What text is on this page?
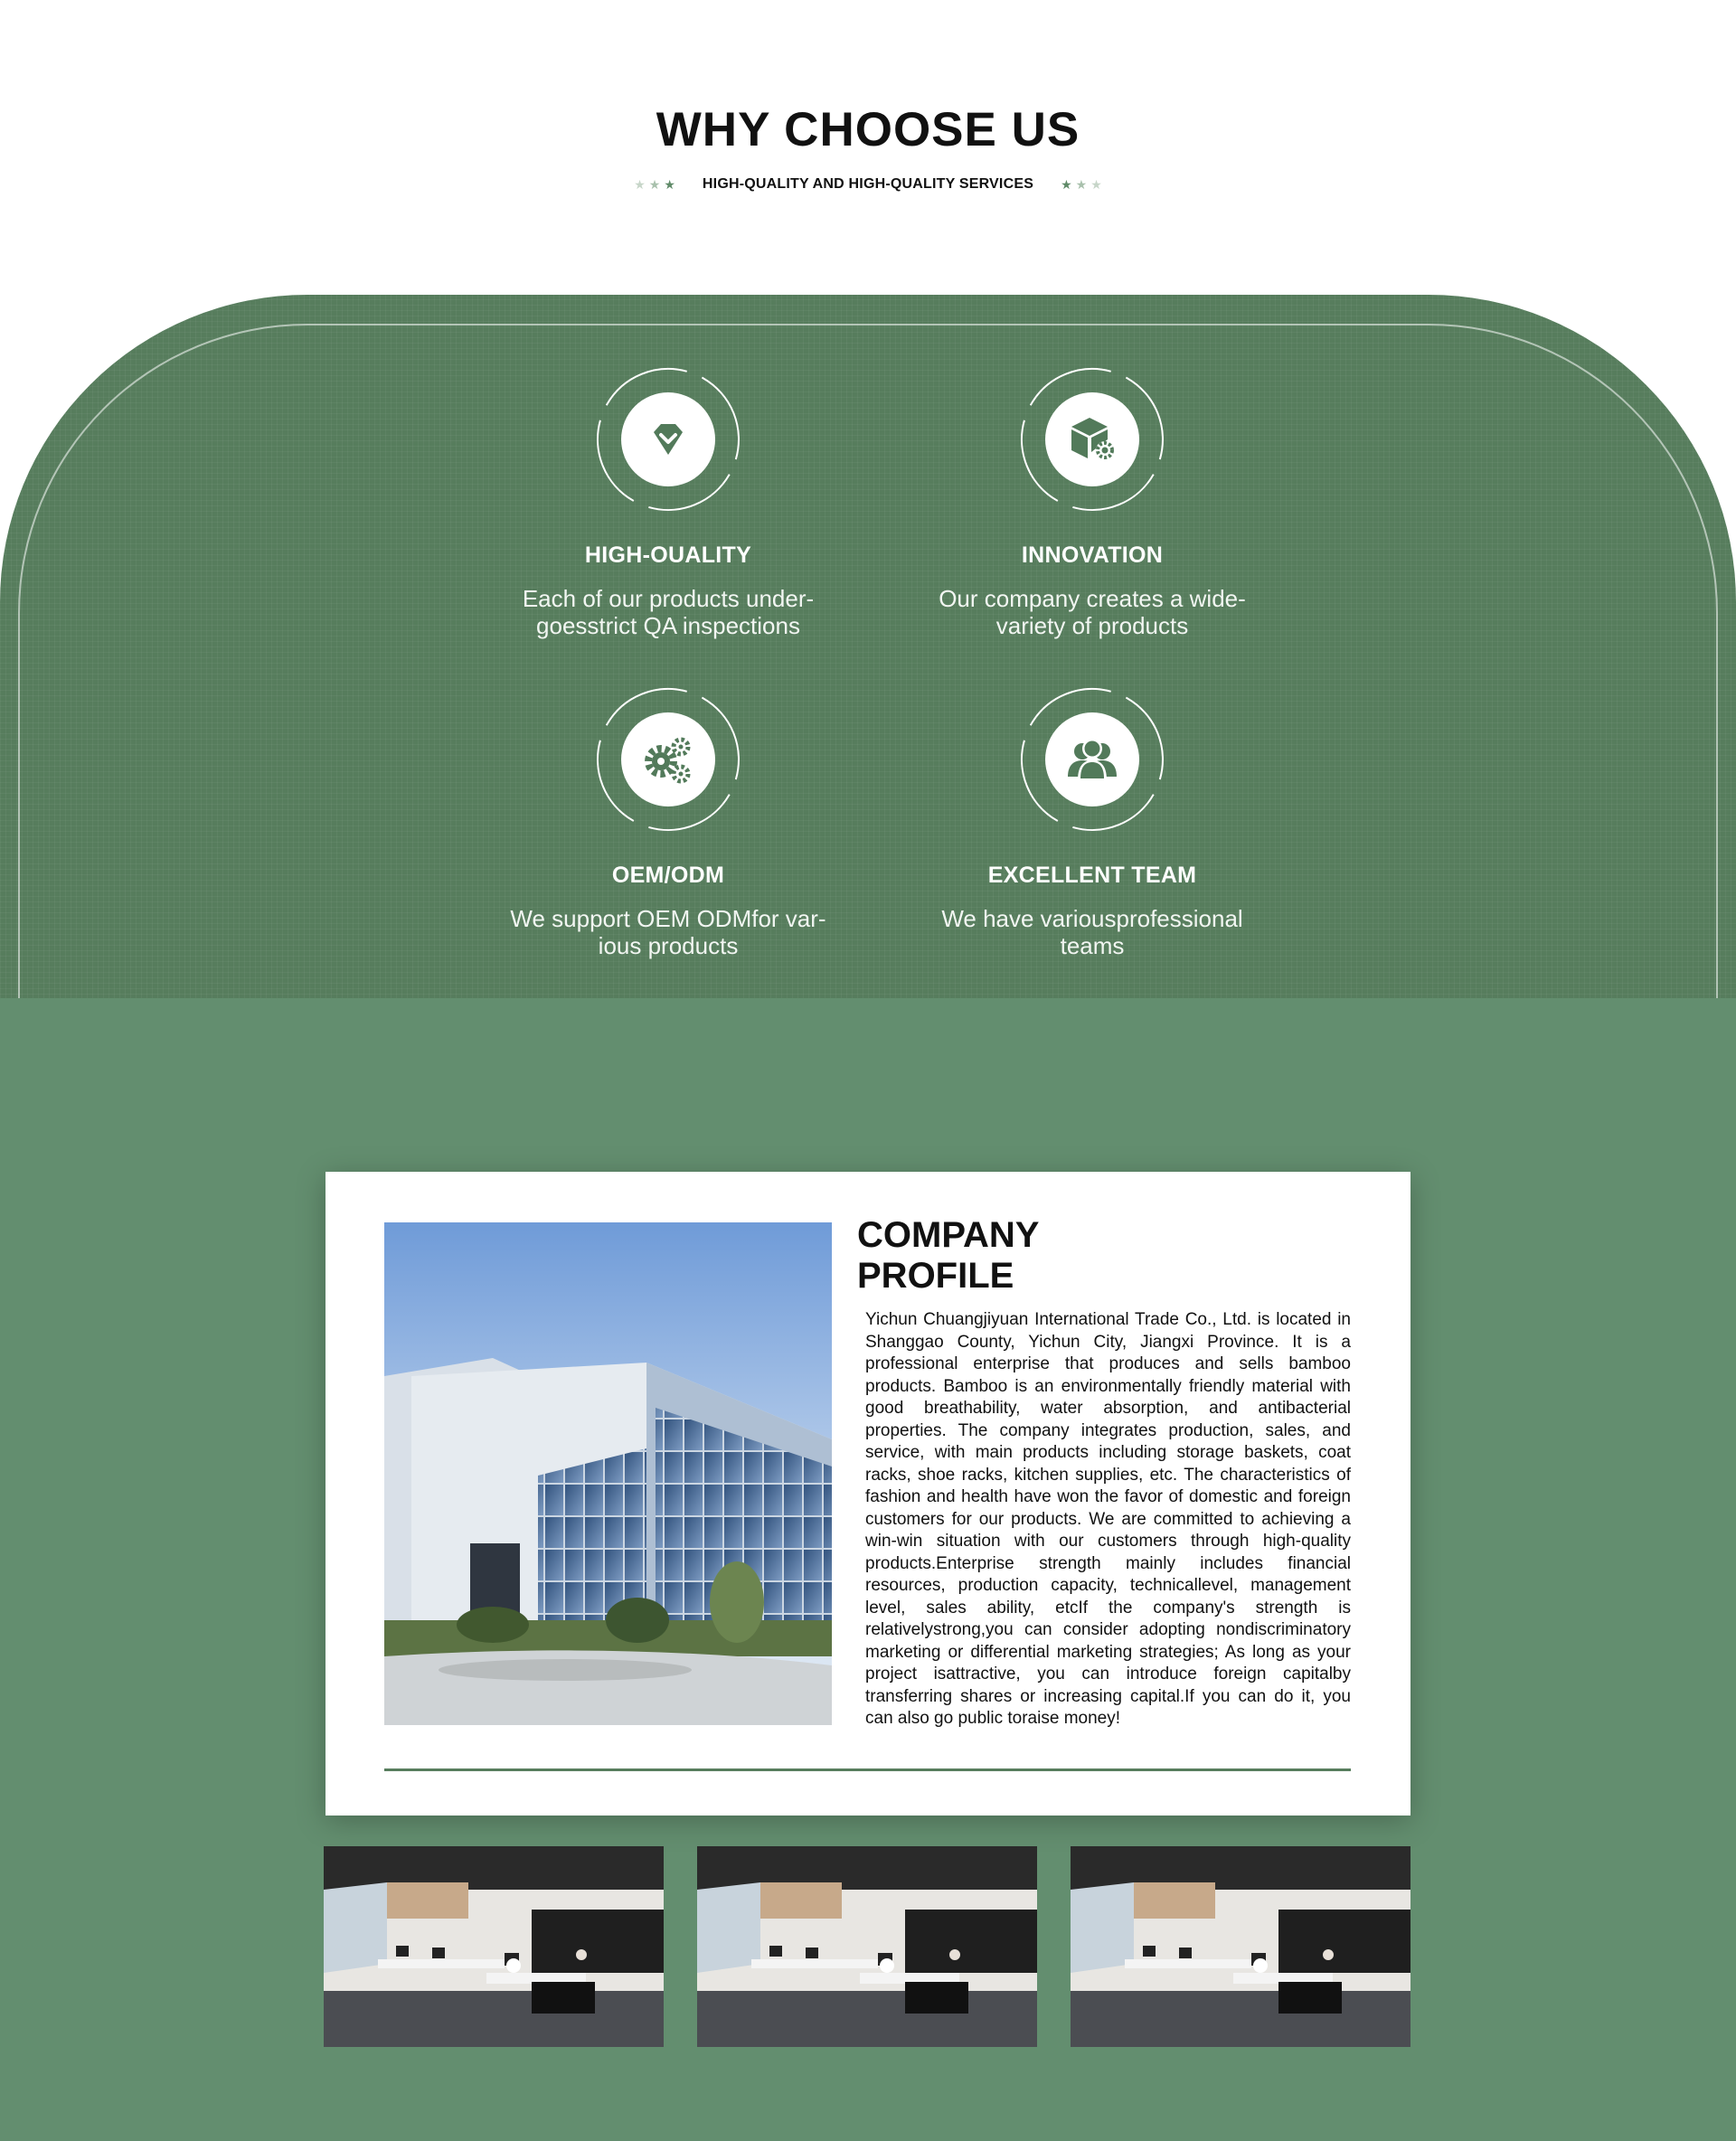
WHY CHOOSE US
★ ★ ★ HIGH-QUALITY AND HIGH-QUALITY SERVICES ★ ★ ★
HIGH-OUALITY
Each of our products under-
goesstrict QA inspections
INNOVATION
Our company creates a wide-
variety of products
OEM/ODM
We support OEM ODMfor var-
ious products
EXCELLENT TEAM
We have variousprofessional
teams
COMPANY
PROFILE
Yichun Chuangjiyuan International Trade Co., Ltd. is located in Shanggao County, Yichun City, Jiangxi Province. It is a professional enterprise that produces and sells bamboo products. Bamboo is an environmentally friendly material with good breathability, water absorption, and antibacterial properties. The company integrates production, sales, and service, with main products including storage baskets, coat racks, shoe racks, kitchen supplies, etc. The characteristics of fashion and health have won the favor of domestic and foreign customers for our products. We are committed to achieving a win-win situation with our customers through high-quality products.Enterprise strength mainly includes financial resources, production capacity, technicallevel, management level, sales ability, etcIf the company's strength is relativelystrong,you can consider adopting nondiscriminatory marketing or differential marketing strategies; As long as your project isattractive, you can introduce foreign capitalby transferring shares or increasing capital.If you can do it, you can also go public toraise money!
